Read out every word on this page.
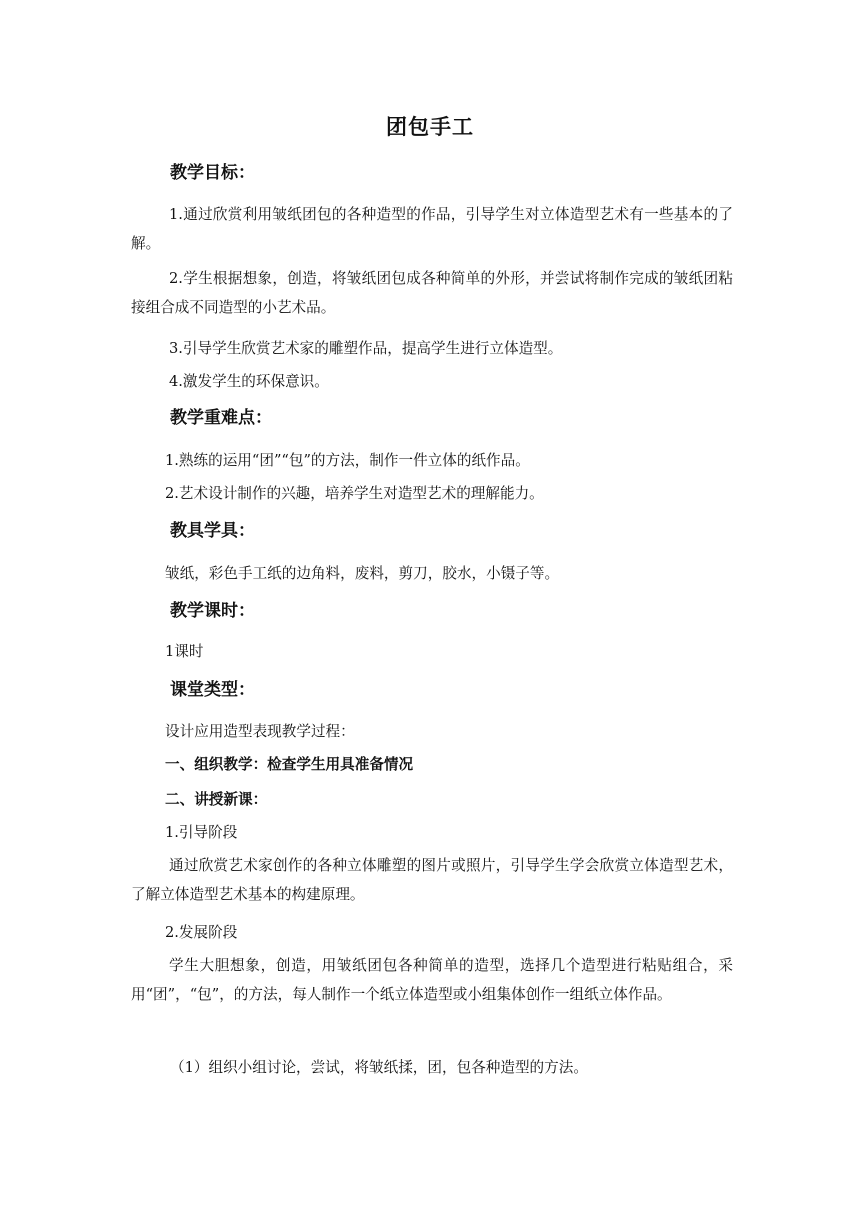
团包手工
教学目标：
1.通过欣赏利用皱纸团包的各种造型的作品，引导学生对立体造型艺术有一些基本的了解。
2.学生根据想象，创造，将皱纸团包成各种简单的外形，并尝试将制作完成的皱纸团粘接组合成不同造型的小艺术品。
3.引导学生欣赏艺术家的雕塑作品，提高学生进行立体造型。
4.激发学生的环保意识。
教学重难点：
1.熟练的运用“团”“包”的方法，制作一件立体的纸作品。
2.艺术设计制作的兴趣，培养学生对造型艺术的理解能力。
教具学具：
皱纸，彩色手工纸的边角料，废料，剪刀，胶水，小镊子等。
教学课时：
1课时
课堂类型：
设计应用造型表现教学过程：
一、组织教学：检查学生用具准备情况
二、讲授新课：
1.引导阶段
通过欣赏艺术家创作的各种立体雕塑的图片或照片，引导学生学会欣赏立体造型艺术，了解立体造型艺术基本的构建原理。
2.发展阶段
学生大胆想象，创造，用皱纸团包各种简单的造型，选择几个造型进行粘贴组合，采用“团”，“包”，的方法，每人制作一个纸立体造型或小组集体创作一组纸立体作品。
（1）组织小组讨论，尝试，将皱纸揉，团，包各种造型的方法。
